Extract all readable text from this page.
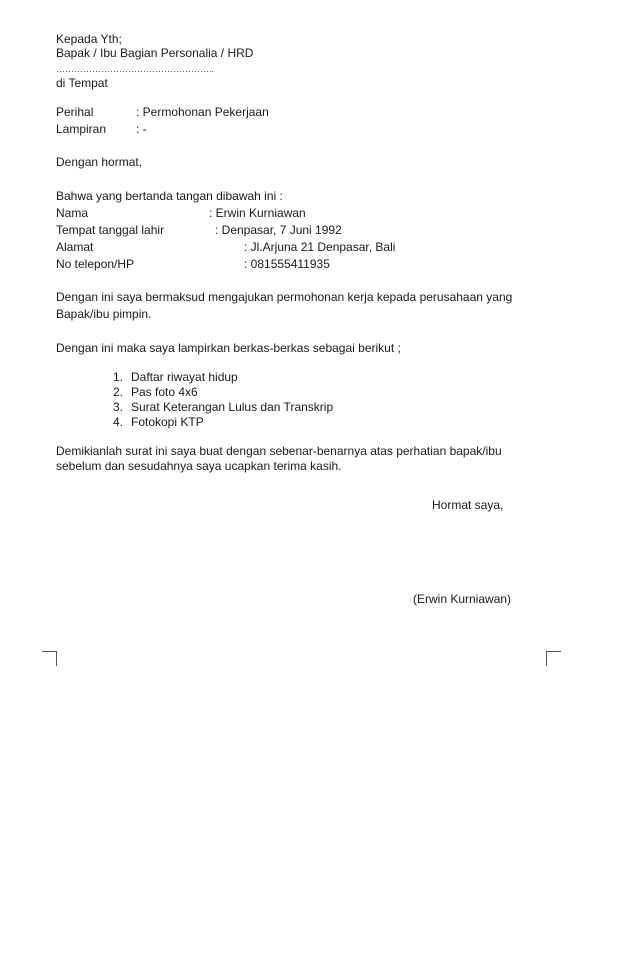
Kepada Yth;
Bapak / Ibu Bagian Personalia / HRD
……………………………………………..
di Tempat
Perihal	: Permohonan Pekerjaan
Lampiran : -
Dengan hormat,
Bahwa yang bertanda tangan dibawah ini :
Nama	: Erwin Kurniawan
Tempat tanggal lahir	: Denpasar, 7 Juni 1992
Alamat	: Jl.Arjuna 21 Denpasar, Bali
No telepon/HP	: 081555411935
Dengan ini saya bermaksud mengajukan permohonan kerja kepada perusahaan yang
Bapak/ibu pimpin.
Dengan ini maka saya lampirkan berkas-berkas sebagai berikut ;
1. Daftar riwayat hidup
2. Pas foto 4x6
3. Surat Keterangan Lulus dan Transkrip
4. Fotokopi KTP
Demikianlah surat ini saya buat dengan sebenar-benarnya atas perhatian bapak/ibu
sebelum dan sesudahnya saya ucapkan terima kasih.
Hormat saya,
(Erwin Kurniawan)
